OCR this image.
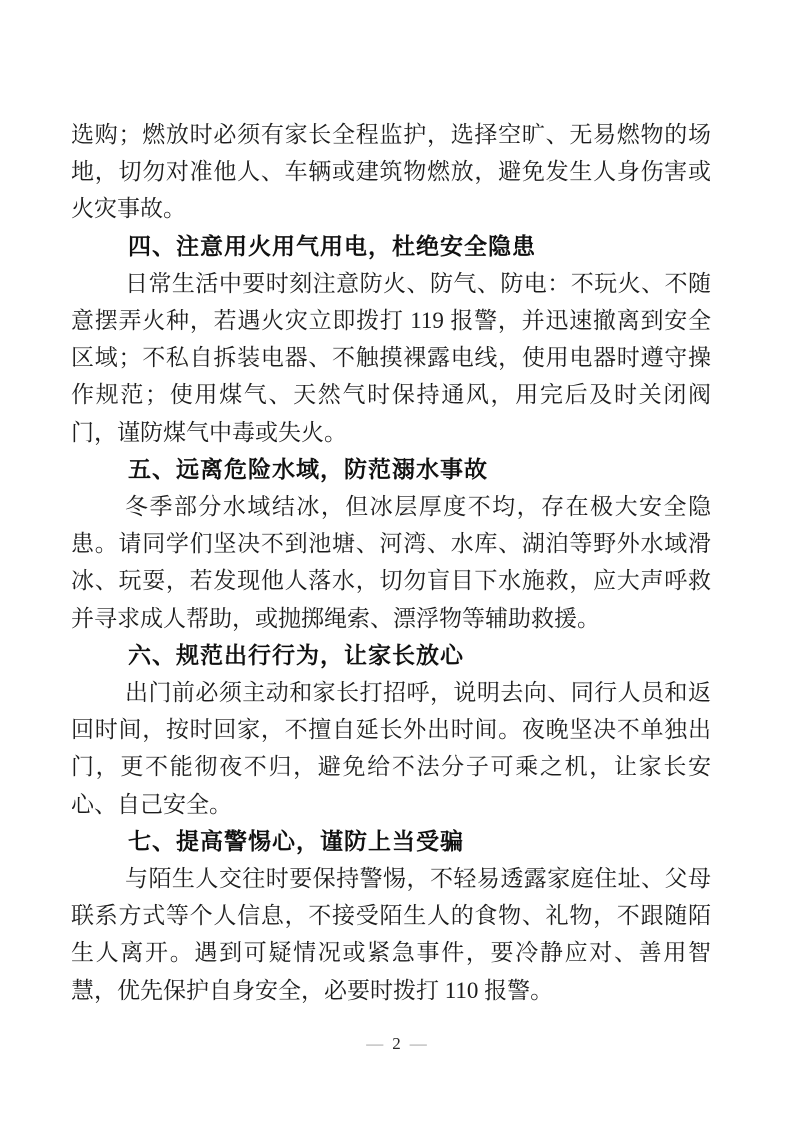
选购；燃放时必须有家长全程监护，选择空旷、无易燃物的场地，切勿对准他人、车辆或建筑物燃放，避免发生人身伤害或火灾事故。

四、注意用火用气用电，杜绝安全隐患

日常生活中要时刻注意防火、防气、防电：不玩火、不随意摆弄火种，若遇火灾立即拨打 119 报警，并迅速撤离到安全区域；不私自拆装电器、不触摸裸露电线，使用电器时遵守操作规范；使用煤气、天然气时保持通风，用完后及时关闭阀门，谨防煤气中毒或失火。

五、远离危险水域，防范溺水事故

冬季部分水域结冰，但冰层厚度不均，存在极大安全隐患。请同学们坚决不到池塘、河湾、水库、湖泊等野外水域滑冰、玩耍，若发现他人落水，切勿盲目下水施救，应大声呼救并寻求成人帮助，或抛掷绳索、漂浮物等辅助救援。

六、规范出行行为，让家长放心

出门前必须主动和家长打招呼，说明去向、同行人员和返回时间，按时回家，不擅自延长外出时间。夜晚坚决不单独出门，更不能彻夜不归，避免给不法分子可乘之机，让家长安心、自己安全。

七、提高警惕心，谨防上当受骗

与陌生人交往时要保持警惕，不轻易透露家庭住址、父母联系方式等个人信息，不接受陌生人的食物、礼物，不跟随陌生人离开。遇到可疑情况或紧急事件，要冷静应对、善用智慧，优先保护自身安全，必要时拨打 110 报警。

— 2 —
